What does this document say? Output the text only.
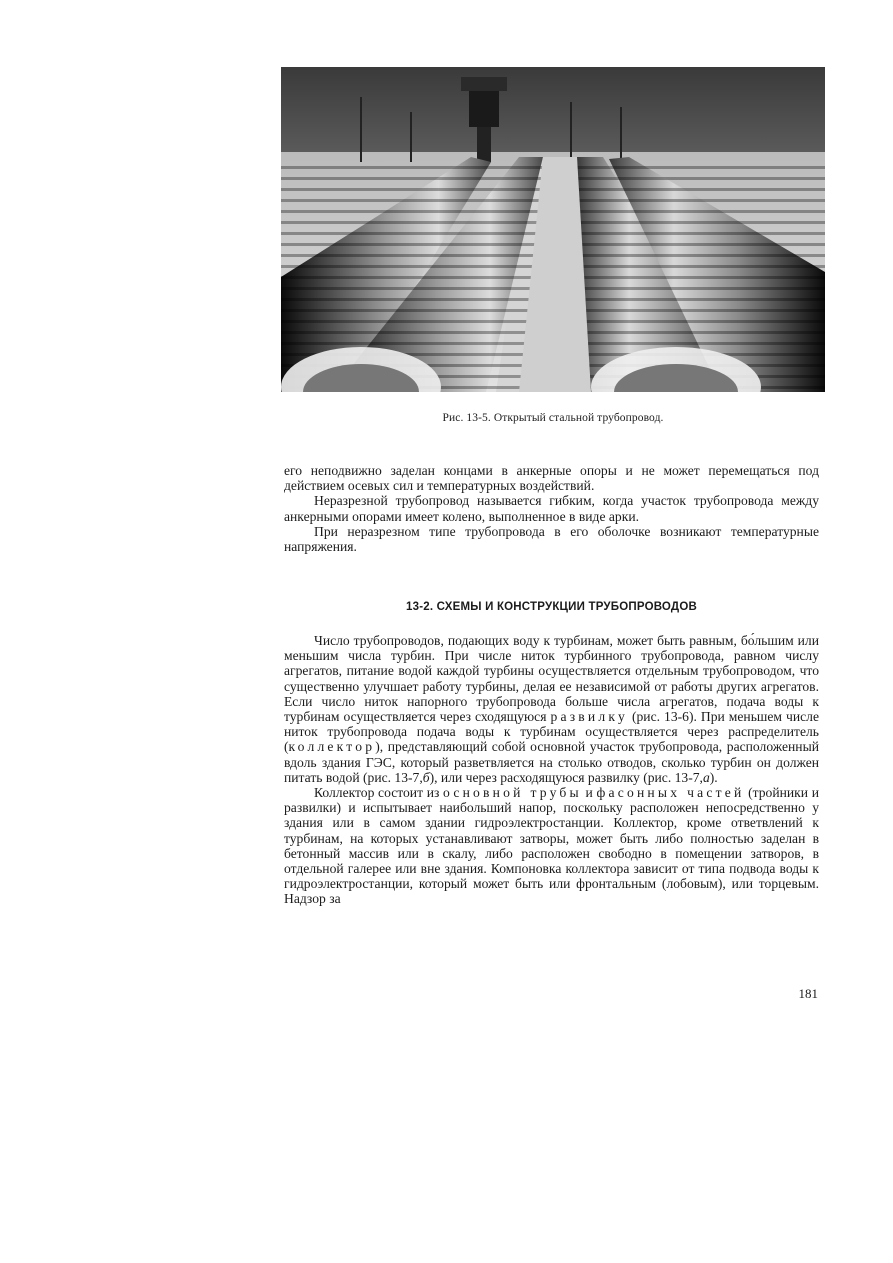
Рис. 13-5. Открытый стальной трубопровод.

его неподвижно заделан концами в анкерные опоры и не может перемещаться под действием осевых сил и температурных воздействий.

Неразрезной трубопровод называется гибким, когда участок трубопровода между анкерными опорами имеет колено, выполненное в виде арки.

При неразрезном типе трубопровода в его оболочке возникают температурные напряжения.

13-2. СХЕМЫ И КОНСТРУКЦИИ ТРУБОПРОВОДОВ

Число трубопроводов, подающих воду к турбинам, может быть равным, бо́льшим или меньшим числа турбин. При числе ниток турбинного трубопровода, равном числу агрегатов, питание водой каждой турбины осуществляется отдельным трубопроводом, что существенно улучшает работу турбины, делая ее независимой от работы других агрегатов. Если число ниток напорного трубопровода больше числа агрегатов, подача воды к турбинам осуществляется через сходящуюся развилку (рис. 13-6). При меньшем числе ниток трубопровода подача воды к турбинам осуществляется через распределитель (коллектор), представляющий собой основной участок трубопровода, расположенный вдоль здания ГЭС, который разветвляется на столько отводов, сколько турбин он должен питать водой (рис. 13-7,б), или через расходящуюся развилку (рис. 13-7,а).

Коллектор состоит из основной трубы и фасонных частей (тройники и развилки) и испытывает наибольший напор, поскольку расположен непосредственно у здания или в самом здании гидроэлектростанции. Коллектор, кроме ответвлений к турбинам, на которых устанавливают затворы, может быть либо полностью заделан в бетонный массив или в скалу, либо расположен свободно в помещении затворов, в отдельной галерее или вне здания. Компоновка коллектора зависит от типа подвода воды к гидроэлектростанции, который может быть или фронтальным (лобовым), или торцевым. Надзор за

181
